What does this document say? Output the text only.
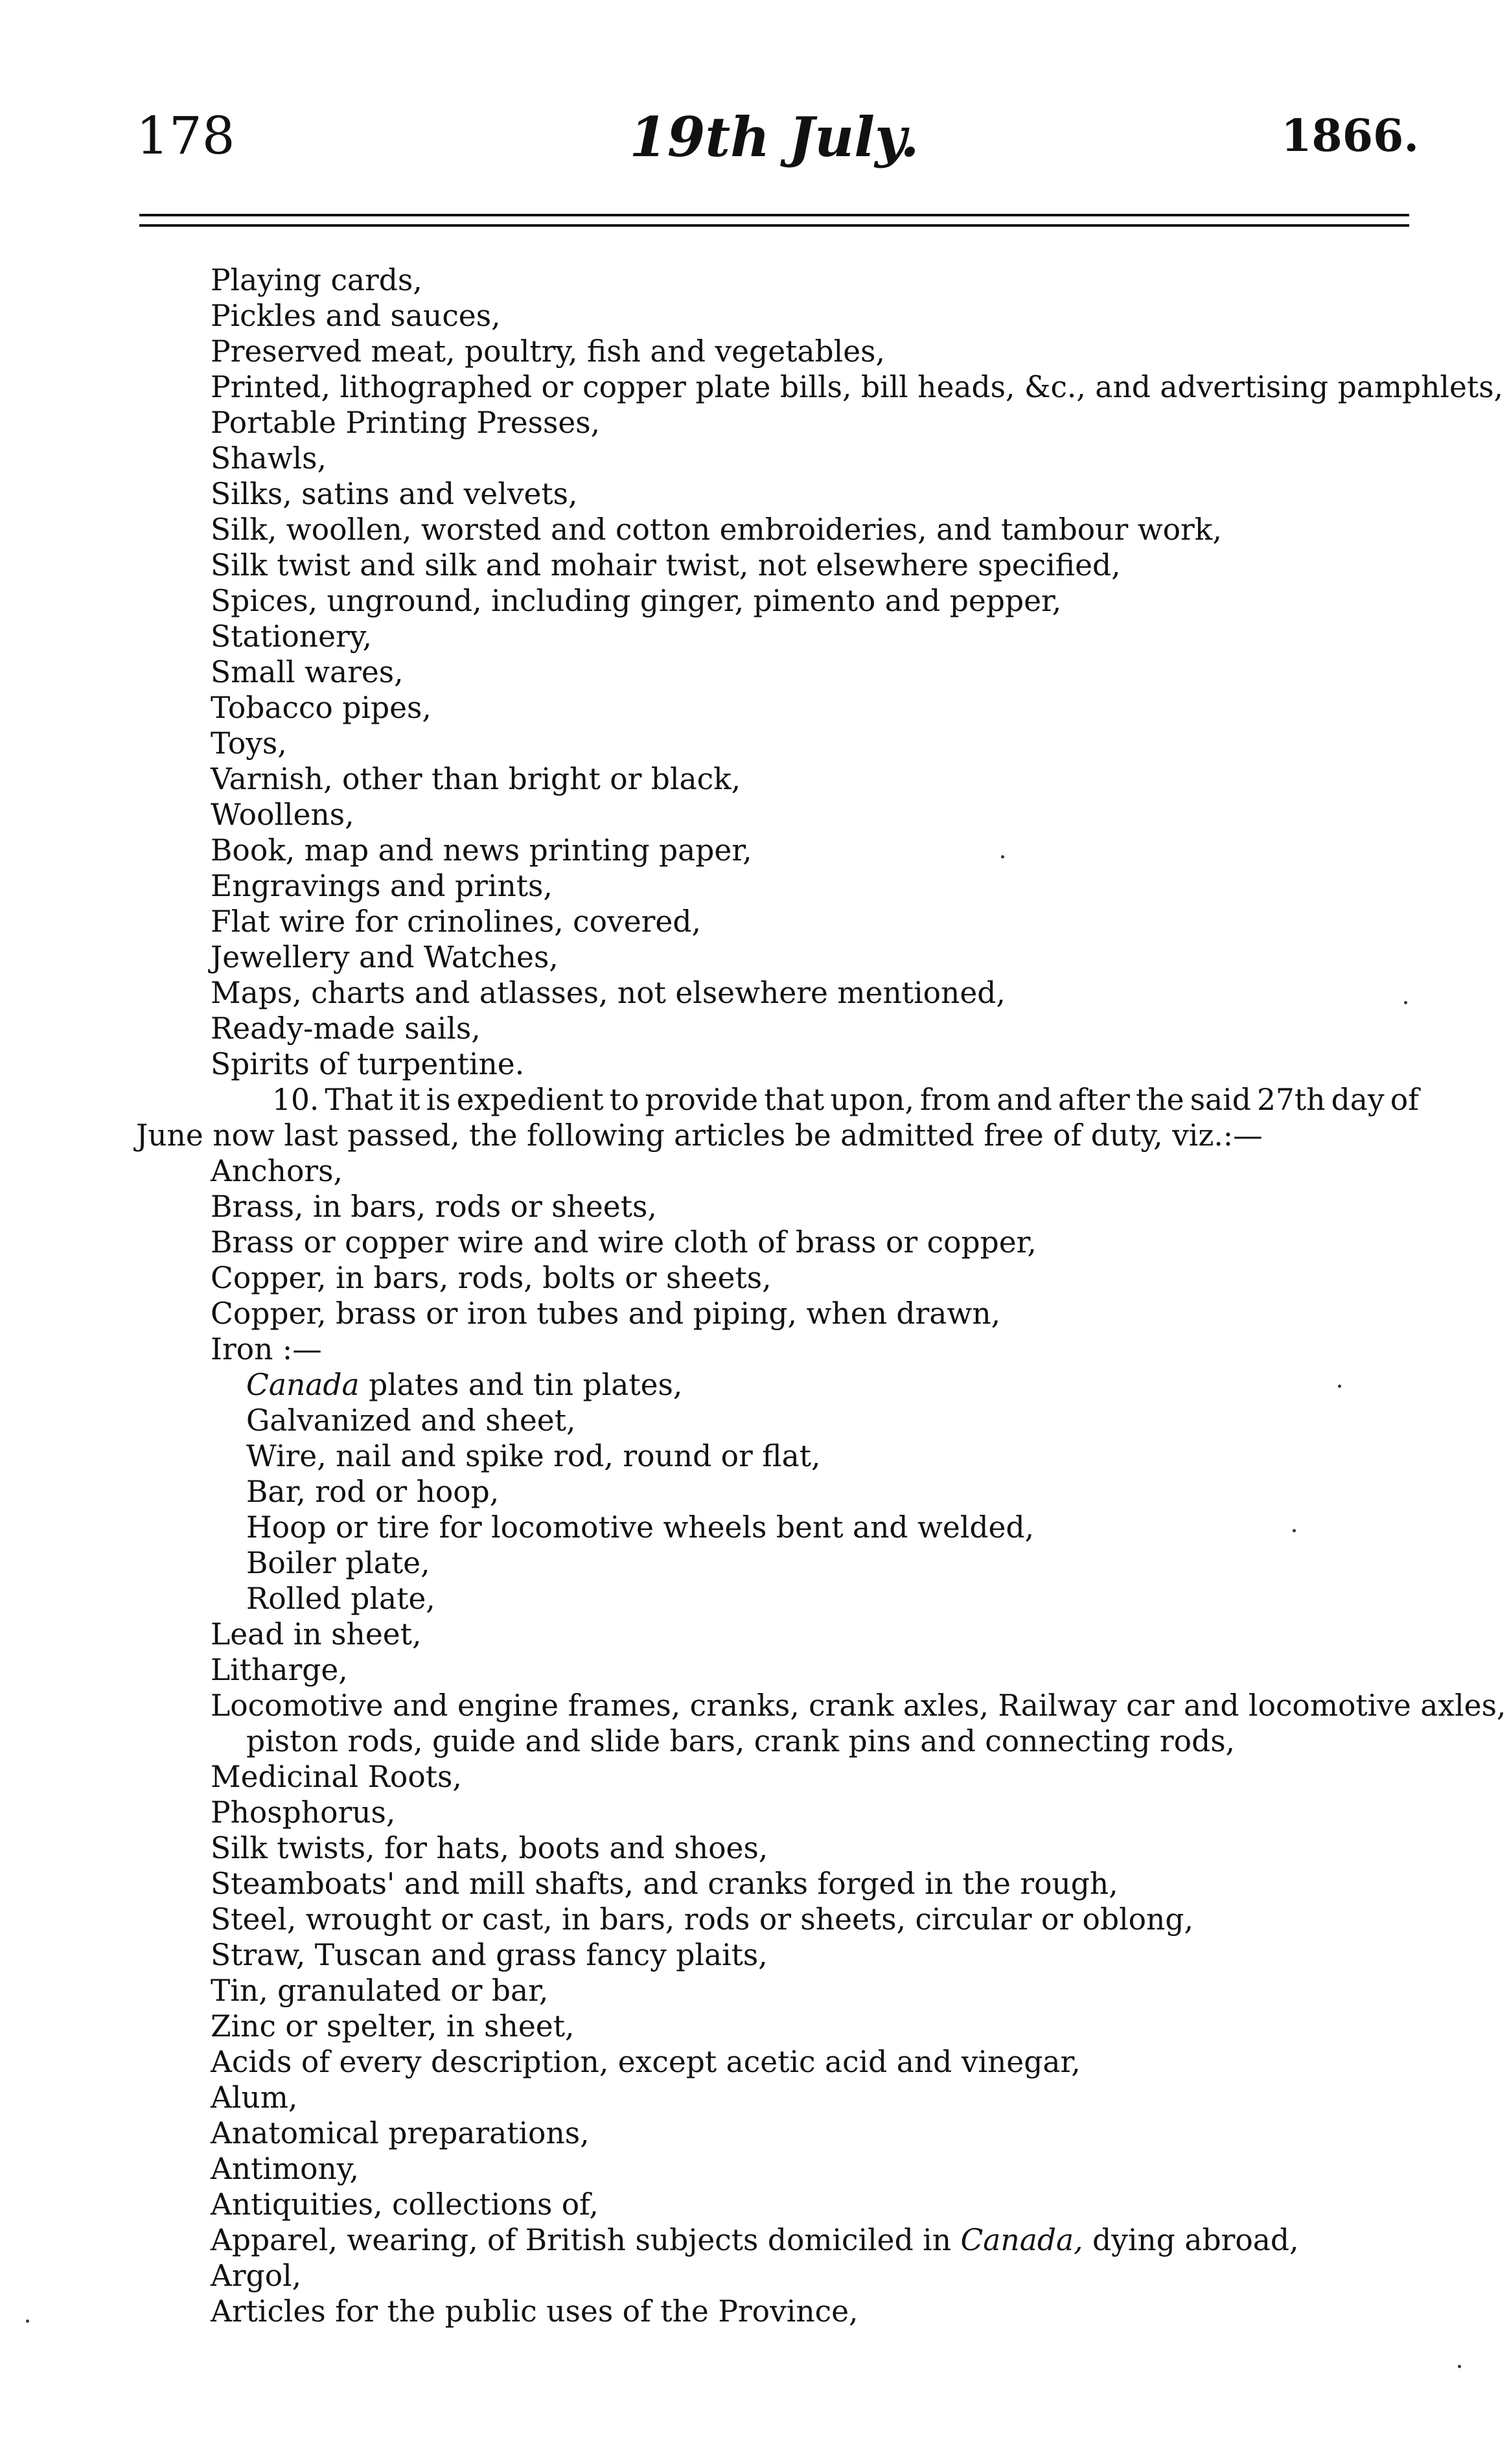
178	19th July.	1866.
Playing cards,
Pickles and sauces,
Preserved meat, poultry, fish and vegetables,
Printed, lithographed or copper plate bills, bill heads, &c., and advertising pamphlets,
Portable Printing Presses,
Shawls,
Silks, satins and velvets,
Silk, woollen, worsted and cotton embroideries, and tambour work,
Silk twist and silk and mohair twist, not elsewhere specified,
Spices, unground, including ginger, pimento and pepper,
Stationery,
Small wares,
Tobacco pipes,
Toys,
Varnish, other than bright or black,
Woollens,
Book, map and news printing paper,
Engravings and prints,
Flat wire for crinolines, covered,
Jewellery and Watches,
Maps, charts and atlasses, not elsewhere mentioned,
Ready-made sails,
Spirits of turpentine.
10. That it is expedient to provide that upon, from and after the said 27th day of
June now last passed, the following articles be admitted free of duty, viz.:—
Anchors,
Brass, in bars, rods or sheets,
Brass or copper wire and wire cloth of brass or copper,
Copper, in bars, rods, bolts or sheets,
Copper, brass or iron tubes and piping, when drawn,
Iron :—
Canada plates and tin plates,
Galvanized and sheet,
Wire, nail and spike rod, round or flat,
Bar, rod or hoop,
Hoop or tire for locomotive wheels bent and welded,
Boiler plate,
Rolled plate,
Lead in sheet,
Litharge,
Locomotive and engine frames, cranks, crank axles, Railway car and locomotive axles,
piston rods, guide and slide bars, crank pins and connecting rods,
Medicinal Roots,
Phosphorus,
Silk twists, for hats, boots and shoes,
Steamboats' and mill shafts, and cranks forged in the rough,
Steel, wrought or cast, in bars, rods or sheets, circular or oblong,
Straw, Tuscan and grass fancy plaits,
Tin, granulated or bar,
Zinc or spelter, in sheet,
Acids of every description, except acetic acid and vinegar,
Alum,
Anatomical preparations,
Antimony,
Antiquities, collections of,
Apparel, wearing, of British subjects domiciled in Canada, dying abroad,
Argol,
Articles for the public uses of the Province,
